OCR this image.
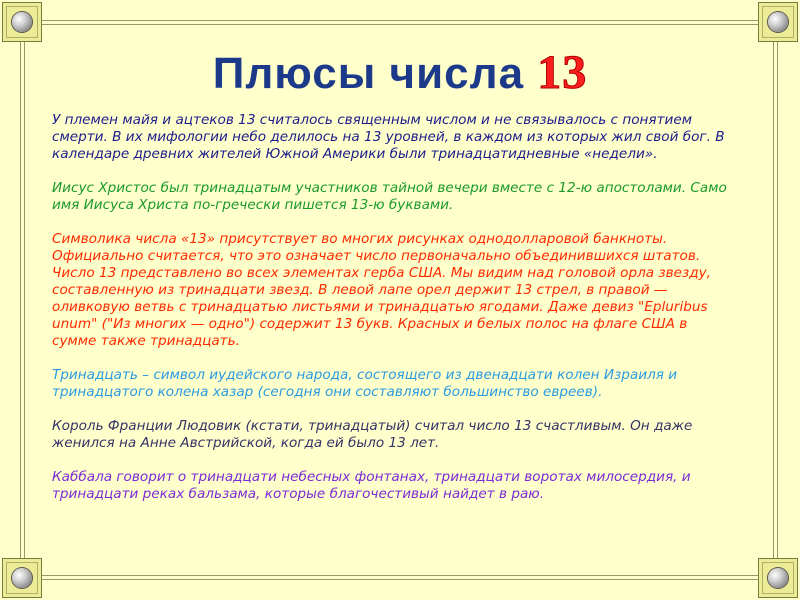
Плюсы числа 13

У племен майя и ацтеков 13 считалось священным числом и не связывалось с понятием смерти. В их мифологии небо делилось на 13 уровней, в каждом из которых жил свой бог. В календаре древних жителей Южной Америки были тринадцатидневные «недели».

Иисус Христос был тринадцатым участников тайной вечери вместе с 12-ю апостолами. Само имя Иисуса Христа по-гречески пишется 13-ю буквами.

Символика числа «13» присутствует во многих рисунках однодолларовой банкноты. Официально считается, что это означает число первоначально объединившихся штатов. Число 13 представлено во всех элементах герба США. Мы видим над головой орла звезду, составленную из тринадцати звезд. В левой лапе орел держит 13 стрел, в правой — оливковую ветвь с тринадцатью листьями и тринадцатью ягодами. Даже девиз "Epluribus unum" ("Из многих — одно") содержит 13 букв. Красных и белых полос на флаге США в сумме также тринадцать.

Тринадцать – символ иудейского народа, состоящего из двенадцати колен Израиля и тринадцатого колена хазар (сегодня они составляют большинство евреев).

Король Франции Людовик (кстати, тринадцатый) считал число 13 счастливым. Он даже женился на Анне Австрийской, когда ей было 13 лет.

Каббала говорит о тринадцати небесных фонтанах, тринадцати воротах милосердия, и тринадцати реках бальзама, которые благочестивый найдет в раю.
